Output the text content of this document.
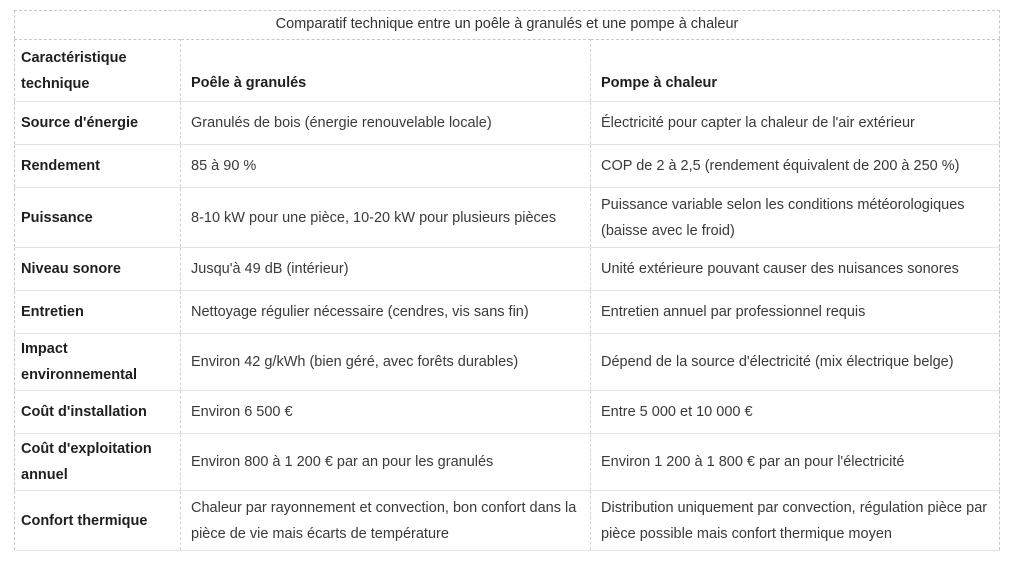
Comparatif technique entre un poêle à granulés et une pompe à chaleur
Caractéristique technique	Poêle à granulés	Pompe à chaleur
Source d'énergie	Granulés de bois (énergie renouvelable locale)	Électricité pour capter la chaleur de l'air extérieur
Rendement	85 à 90 %	COP de 2 à 2,5 (rendement équivalent de 200 à 250 %)
Puissance	8-10 kW pour une pièce, 10-20 kW pour plusieurs pièces	Puissance variable selon les conditions météorologiques (baisse avec le froid)
Niveau sonore	Jusqu'à 49 dB (intérieur)	Unité extérieure pouvant causer des nuisances sonores
Entretien	Nettoyage régulier nécessaire (cendres, vis sans fin)	Entretien annuel par professionnel requis
Impact environnemental	Environ 42 g/kWh (bien géré, avec forêts durables)	Dépend de la source d'électricité (mix électrique belge)
Coût d'installation	Environ 6 500 €	Entre 5 000 et 10 000 €
Coût d'exploitation annuel	Environ 800 à 1 200 € par an pour les granulés	Environ 1 200 à 1 800 € par an pour l'électricité
Confort thermique	Chaleur par rayonnement et convection, bon confort dans la pièce de vie mais écarts de température	Distribution uniquement par convection, régulation pièce par pièce possible mais confort thermique moyen
